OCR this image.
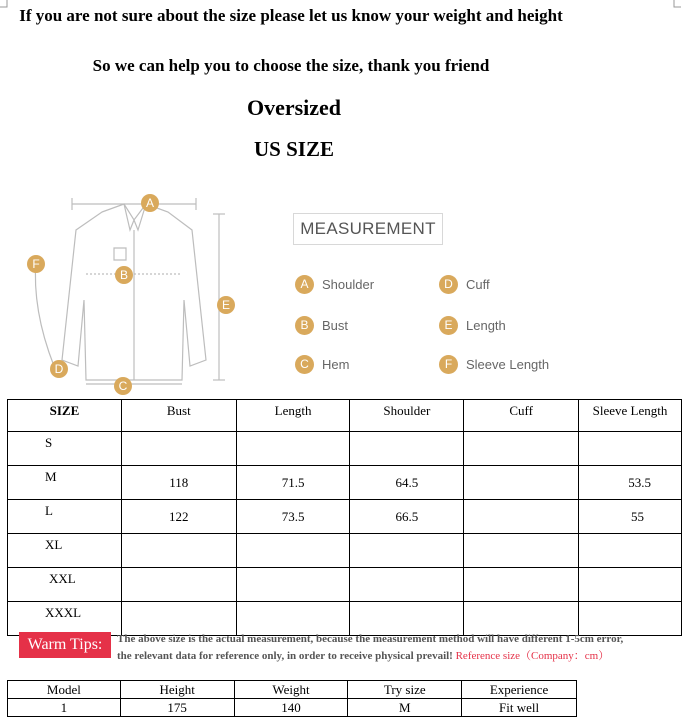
If you are not sure about the size please let us know your weight and height
So we can help you to choose the size, thank you friend
Oversized
US SIZE
A
B
C
D
E
F
MEASUREMENT
A	Shoulder
B	Bust
C	Hem
D	Cuff
E	Length
F	Sleeve Length
SIZE	Bust	Length	Shoulder	Cuff	Sleeve Length
S					
M	118	71.5	64.5		53.5
L	122	73.5	66.5		55
XL					
XXL					
XXXL					
Warm Tips:	The above size is the actual measurement, because the measurement method will have different 1-5cm error,
the relevant data for reference only, in order to receive physical prevail! Reference size（Company：cm）
Model	Height	Weight	Try size	Experience
1	175	140	M	Fit well
